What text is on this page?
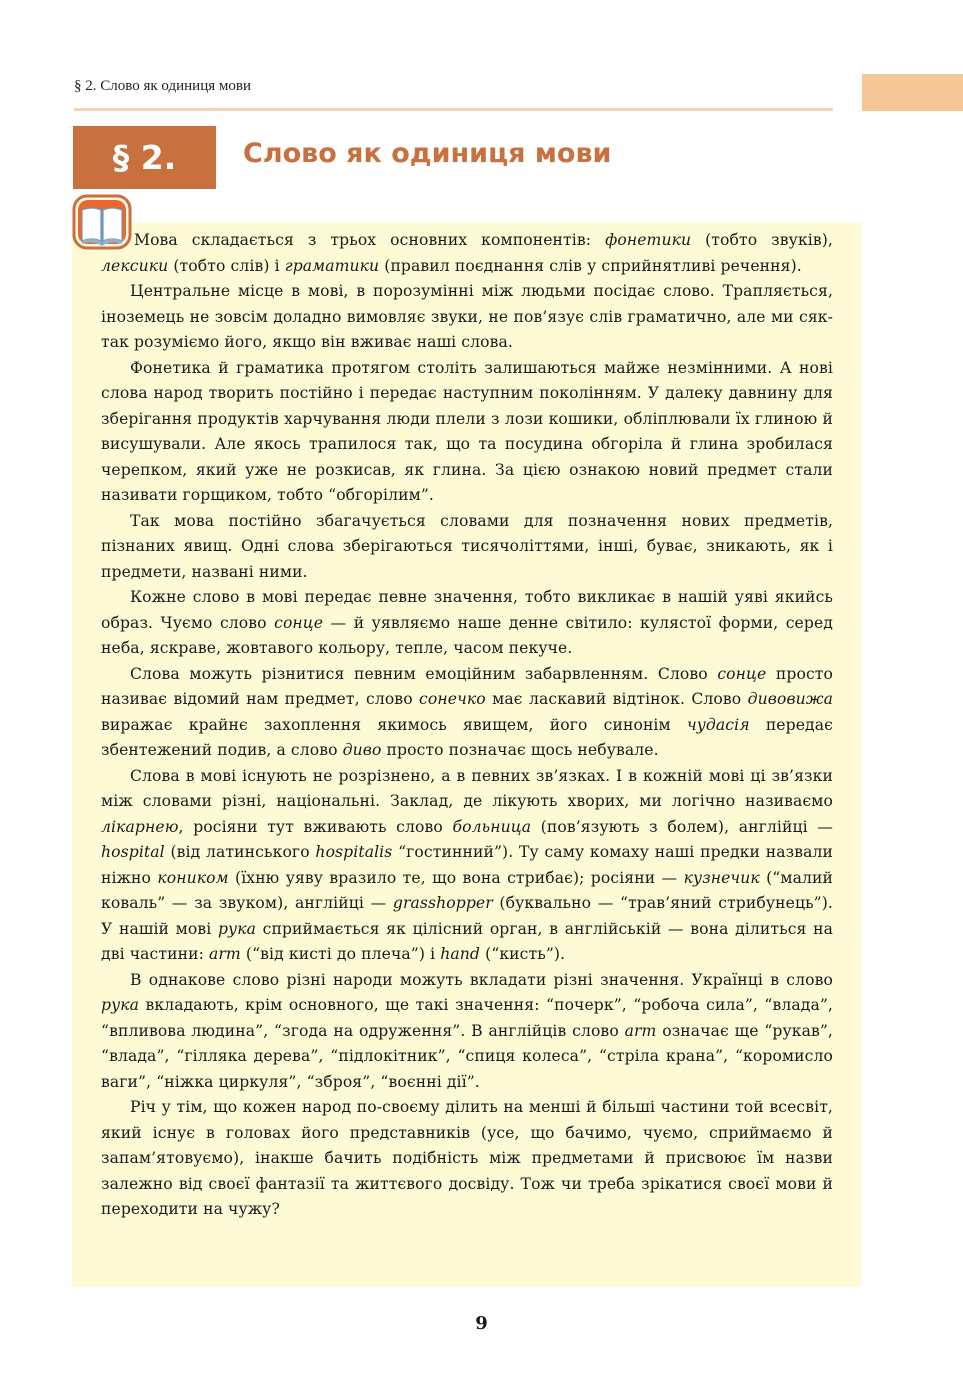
§ 2. Слово як одиниця мови
§ 2. Слово як одиниця мови

Мова складається з трьох основних компонентів: фонетики (тобто звуків), лексики (тобто слів) і граматики (правил поєднання слів у сприйнятливі речення).

Центральне місце в мові, в порозумінні між людьми посідає слово. Трапляється, іноземець не зовсім доладно вимовляє звуки, не пов’язує слів граматично, але ми сяк-так розуміємо його, якщо він вживає наші слова.

Фонетика й граматика протягом століть залишаються майже незмінними. А нові слова народ творить постійно і передає наступним поколінням. У далеку давнину для зберігання продуктів харчування люди плели з лози кошики, обліплювали їх глиною й висушували. Але якось трапилося так, що та посудина обгоріла й глина зробилася черепком, який уже не розкисав, як глина. За цією ознакою новий предмет стали називати горщиком, тобто “обгорілим”.

Так мова постійно збагачується словами для позначення нових предметів, пізнаних явищ. Одні слова зберігаються тисячоліттями, інші, буває, зникають, як і предмети, названі ними.

Кожне слово в мові передає певне значення, тобто викликає в нашій уяві якийсь образ. Чуємо слово сонце — й уявляємо наше денне світило: кулястої форми, серед неба, яскраве, жовтавого кольору, тепле, часом пекуче.

Слова можуть різнитися певним емоційним забарвленням. Слово сонце просто називає відомий нам предмет, слово сонечко має ласкавий відтінок. Слово дивовижа виражає крайнє захоплення якимось явищем, його синонім чудасія передає збентежений подив, а слово диво просто позначає щось небувале.

Слова в мові існують не розрізнено, а в певних зв’язках. І в кожній мові ці зв’язки між словами різні, національні. Заклад, де лікують хворих, ми логічно називаємо лікарнею, росіяни тут вживають слово больница (пов’язують з болем), англійці — hospital (від латинського hospitalis “гостинний”). Ту саму комаху наші предки назвали ніжно коником (їхню уяву вразило те, що вона стрибає); росіяни — кузнечик (“малий коваль” — за звуком), англійці — grasshopper (буквально — “трав’яний стрибунець”). У нашій мові рука сприймається як цілісний орган, в англійській — вона ділиться на дві частини: arm (“від кисті до плеча”) і hand (“кисть”).

В однакове слово різні народи можуть вкладати різні значення. Українці в слово рука вкладають, крім основного, ще такі значення: “почерк”, “робоча сила”, “влада”, “впливова людина”, “згода на одруження”. В англійців слово arm означає ще “рукав”, “влада”, “гілляка дерева”, “підлокітник”, “спиця колеса”, “стріла крана”, “коромисло ваги”, “ніжка циркуля”, “зброя”, “воєнні дії”.

Річ у тім, що кожен народ по-своєму ділить на менші й більші частини той всесвіт, який існує в головах його представників (усе, що бачимо, чуємо, сприймаємо й запам’ятовуємо), інакше бачить подібність між предметами й присвоює їм назви залежно від своєї фантазії та життєвого досвіду. Тож чи треба зрікатися своєї мови й переходити на чужу?

9
